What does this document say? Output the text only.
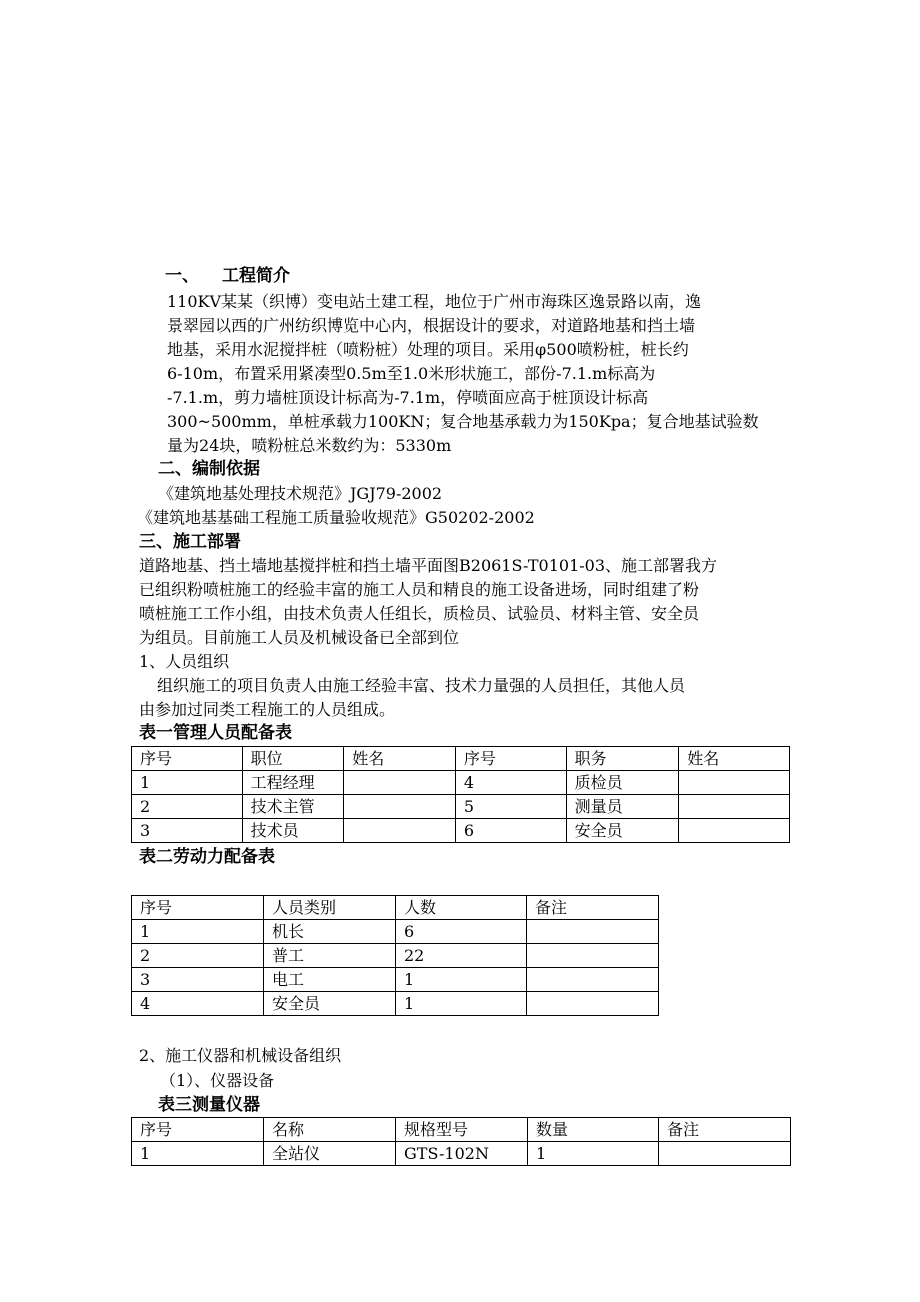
一、 工程简介
110KV某某（织博）变电站土建工程，地位于广州市海珠区逸景路以南，逸
景翠园以西的广州纺织博览中心内，根据设计的要求，对道路地基和挡土墙
地基，采用水泥搅拌桩（喷粉桩）处理的项目。采用φ500喷粉桩，桩长约
6-10m，布置采用紧凑型0.5m至1.0米形状施工，部份-7.1.m标高为
-7.1.m，剪力墙桩顶设计标高为-7.1m，停喷面应高于桩顶设计标高
300~500mm，单桩承载力100KN；复合地基承载力为150Kpa；复合地基试验数
量为24块，喷粉桩总米数约为：5330m
二、编制依据
《建筑地基处理技术规范》JGJ79-2002
《建筑地基基础工程施工质量验收规范》G50202-2002
三、施工部署
道路地基、挡土墙地基搅拌桩和挡土墙平面图B2061S-T0101-03、施工部署我方
已组织粉喷桩施工的经验丰富的施工人员和精良的施工设备进场，同时组建了粉
喷桩施工工作小组，由技术负责人任组长，质检员、试验员、材料主管、安全员
为组员。目前施工人员及机械设备已全部到位
1、人员组织
组织施工的项目负责人由施工经验丰富、技术力量强的人员担任，其他人员
由参加过同类工程施工的人员组成。
表一管理人员配备表
序号	职位	姓名	序号	职务	姓名
1	工程经理		4	质检员	
2	技术主管		5	测量员	
3	技术员		6	安全员	
表二劳动力配备表
序号	人员类别	人数	备注
1	机长	6	
2	普工	22	
3	电工	1	
4	安全员	1	
2、施工仪器和机械设备组织
（1）、仪器设备
表三测量仪器
序号	名称	规格型号	数量	备注
1	全站仪	GTS-102N	1	
